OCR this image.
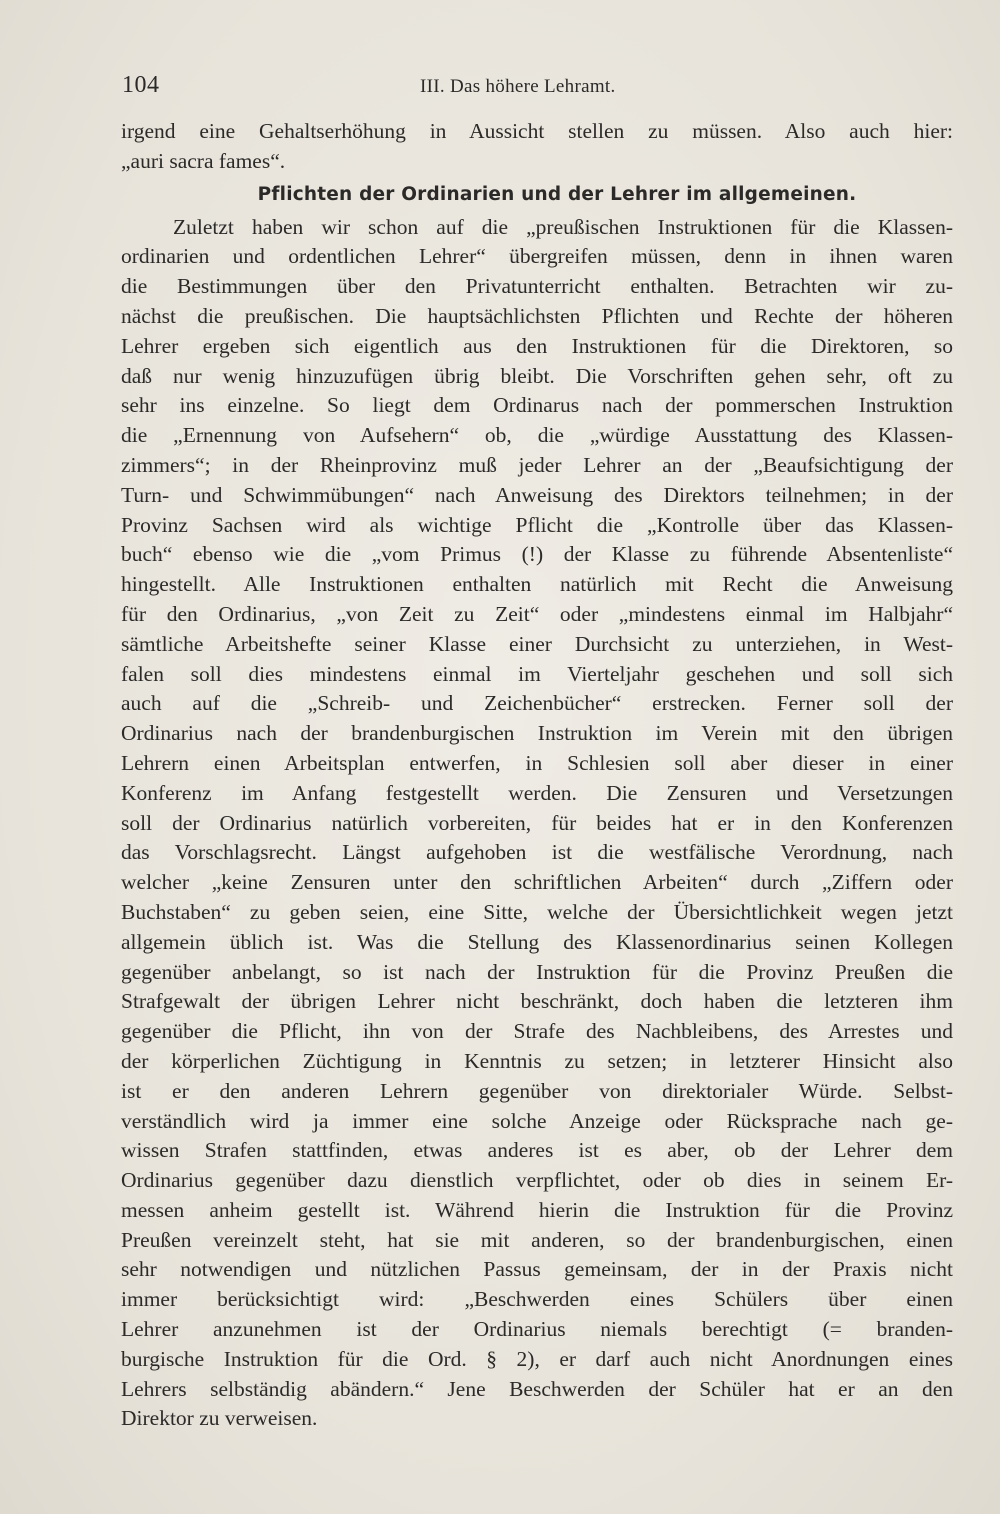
104	III. Das höhere Lehramt.
irgend eine Gehaltserhöhung in Aussicht stellen zu müssen. Also auch hier:
„auri sacra fames“.
Pflichten der Ordinarien und der Lehrer im allgemeinen.
Zuletzt haben wir schon auf die „preußischen Instruktionen für die Klassen-
ordinarien und ordentlichen Lehrer“ übergreifen müssen, denn in ihnen waren
die Bestimmungen über den Privatunterricht enthalten. Betrachten wir zu-
nächst die preußischen. Die hauptsächlichsten Pflichten und Rechte der höheren
Lehrer ergeben sich eigentlich aus den Instruktionen für die Direktoren, so
daß nur wenig hinzuzufügen übrig bleibt. Die Vorschriften gehen sehr, oft zu
sehr ins einzelne. So liegt dem Ordinarus nach der pommerschen Instruktion
die „Ernennung von Aufsehern“ ob, die „würdige Ausstattung des Klassen-
zimmers“; in der Rheinprovinz muß jeder Lehrer an der „Beaufsichtigung der
Turn- und Schwimmübungen“ nach Anweisung des Direktors teilnehmen; in der
Provinz Sachsen wird als wichtige Pflicht die „Kontrolle über das Klassen-
buch“ ebenso wie die „vom Primus (!) der Klasse zu führende Absentenliste“
hingestellt. Alle Instruktionen enthalten natürlich mit Recht die Anweisung
für den Ordinarius, „von Zeit zu Zeit“ oder „mindestens einmal im Halbjahr“
sämtliche Arbeitshefte seiner Klasse einer Durchsicht zu unterziehen, in West-
falen soll dies mindestens einmal im Vierteljahr geschehen und soll sich
auch auf die „Schreib- und Zeichenbücher“ erstrecken. Ferner soll der
Ordinarius nach der brandenburgischen Instruktion im Verein mit den übrigen
Lehrern einen Arbeitsplan entwerfen, in Schlesien soll aber dieser in einer
Konferenz im Anfang festgestellt werden. Die Zensuren und Versetzungen
soll der Ordinarius natürlich vorbereiten, für beides hat er in den Konferenzen
das Vorschlagsrecht. Längst aufgehoben ist die westfälische Verordnung, nach
welcher „keine Zensuren unter den schriftlichen Arbeiten“ durch „Ziffern oder
Buchstaben“ zu geben seien, eine Sitte, welche der Übersichtlichkeit wegen jetzt
allgemein üblich ist. Was die Stellung des Klassenordinarius seinen Kollegen
gegenüber anbelangt, so ist nach der Instruktion für die Provinz Preußen die
Strafgewalt der übrigen Lehrer nicht beschränkt, doch haben die letzteren ihm
gegenüber die Pflicht, ihn von der Strafe des Nachbleibens, des Arrestes und
der körperlichen Züchtigung in Kenntnis zu setzen; in letzterer Hinsicht also
ist er den anderen Lehrern gegenüber von direktorialer Würde. Selbst-
verständlich wird ja immer eine solche Anzeige oder Rücksprache nach ge-
wissen Strafen stattfinden, etwas anderes ist es aber, ob der Lehrer dem
Ordinarius gegenüber dazu dienstlich verpflichtet, oder ob dies in seinem Er-
messen anheim gestellt ist. Während hierin die Instruktion für die Provinz
Preußen vereinzelt steht, hat sie mit anderen, so der brandenburgischen, einen
sehr notwendigen und nützlichen Passus gemeinsam, der in der Praxis nicht
immer berücksichtigt wird: „Beschwerden eines Schülers über einen
Lehrer anzunehmen ist der Ordinarius niemals berechtigt (= branden-
burgische Instruktion für die Ord. § 2), er darf auch nicht Anordnungen eines
Lehrers selbständig abändern.“ Jene Beschwerden der Schüler hat er an den
Direktor zu verweisen.
